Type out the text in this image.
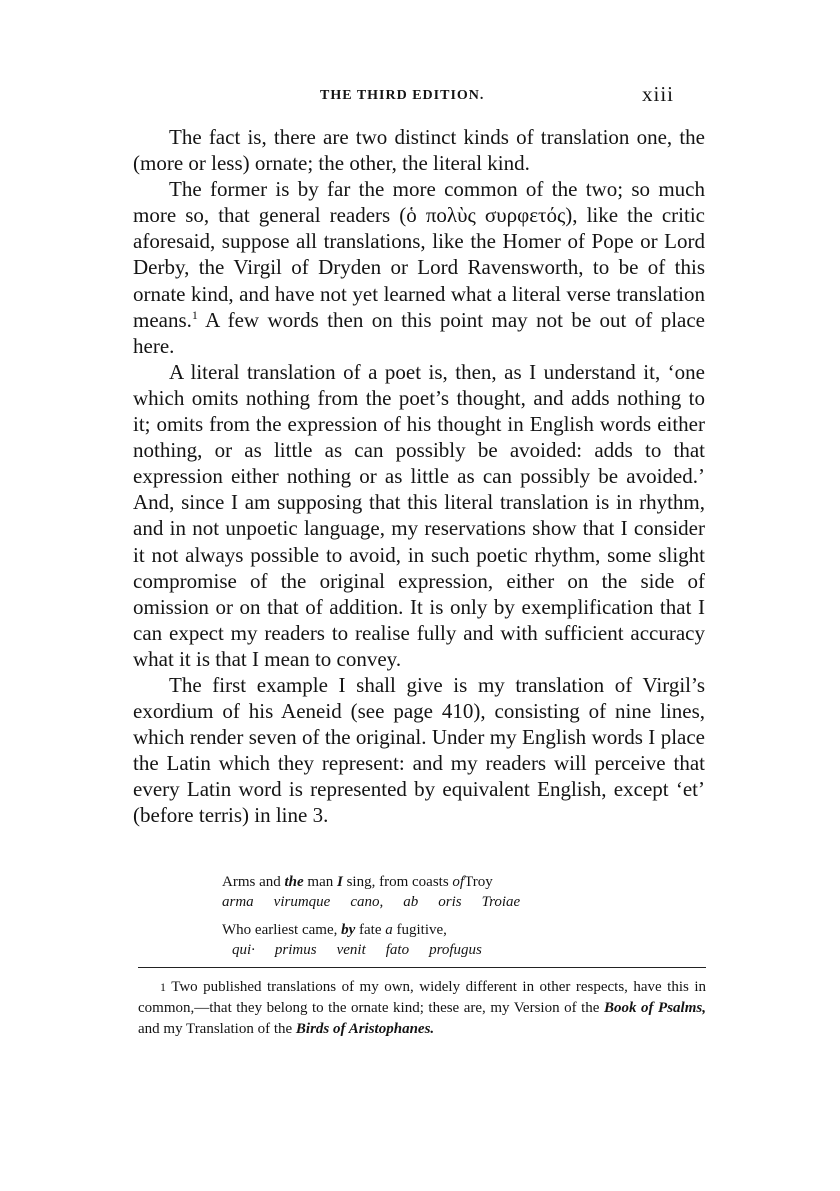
THE THIRD EDITION.	xiii

The fact is, there are two distinct kinds of translation one, the (more or less) ornate; the other, the literal kind.

The former is by far the more common of the two; so much more so, that general readers (ὁ πολὺς συρφετός), like the critic aforesaid, suppose all translations, like the Homer of Pope or Lord Derby, the Virgil of Dryden or Lord Ravensworth, to be of this ornate kind, and have not yet learned what a literal verse translation means.$^1$ A few words then on this point may not be out of place here.

A literal translation of a poet is, then, as I understand it, ‘one which omits nothing from the poet’s thought, and adds nothing to it; omits from the expression of his thought in English words either nothing, or as little as can possibly be avoided: adds to that expression either nothing or as little as can possibly be avoided.’ And, since I am supposing that this literal translation is in rhythm, and in not unpoetic language, my reservations show that I consider it not always possible to avoid, in such poetic rhythm, some slight compromise of the original expression, either on the side of omission or on that of addition. It is only by exemplification that I can expect my readers to realise fully and with sufficient accuracy what it is that I mean to convey.

The first example I shall give is my translation of Virgil’s exordium of his Aeneid (see page 410), consisting of nine lines, which render seven of the original. Under my English words I place the Latin which they represent: and my readers will perceive that every Latin word is represented by equivalent English, except ‘et’ (before terris) in line 3.

Arms and
the
man
I
sing, from coasts
of Troy
arma virumque cano, ab oris Troiae
Who earliest came,
by
fate
a
fugitive,
qui· primus venit fato profugus

1 Two published translations of my own, widely different in other respects, have this in common,—that they belong to the ornate kind; these are, my Version of the Book of Psalms, and my Translation of the Birds of Aristophanes.
